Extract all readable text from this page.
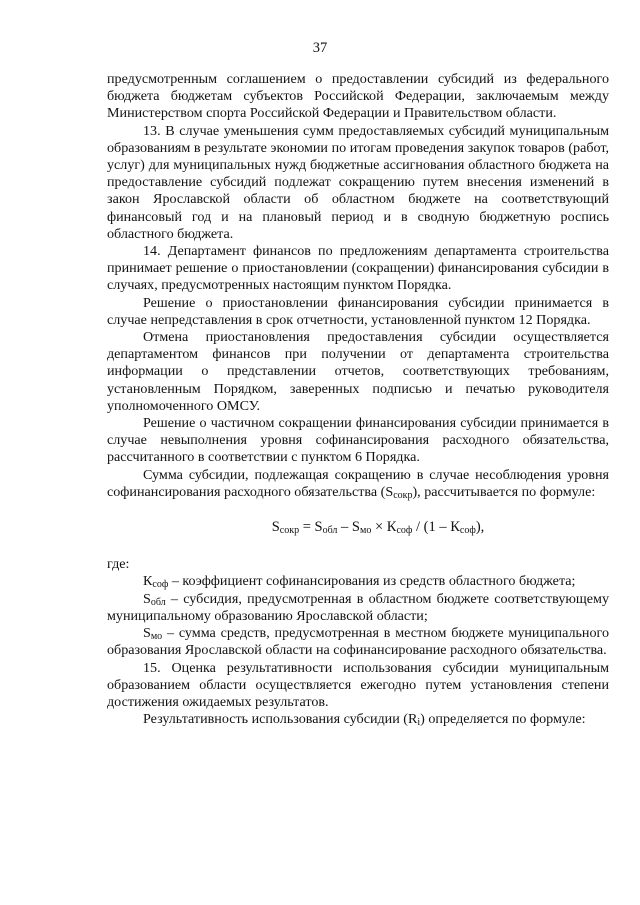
37

предусмотренным соглашением о предоставлении субсидий из федерального бюджета бюджетам субъектов Российской Федерации, заключаемым между Министерством спорта Российской Федерации и Правительством области.

13. В случае уменьшения сумм предоставляемых субсидий муниципальным образованиям в результате экономии по итогам проведения закупок товаров (работ, услуг) для муниципальных нужд бюджетные ассигнования областного бюджета на предоставление субсидий подлежат сокращению путем внесения изменений в закон Ярославской области об областном бюджете на соответствующий финансовый год и на плановый период и в сводную бюджетную роспись областного бюджета.

14. Департамент финансов по предложениям департамента строительства принимает решение о приостановлении (сокращении) финансирования субсидии в случаях, предусмотренных настоящим пунктом Порядка.

Решение о приостановлении финансирования субсидии принимается в случае непредставления в срок отчетности, установленной пунктом 12 Порядка.

Отмена приостановления предоставления субсидии осуществляется департаментом финансов при получении от департамента строительства информации о представлении отчетов, соответствующих требованиям, установленным Порядком, заверенных подписью и печатью руководителя уполномоченного ОМСУ.

Решение о частичном сокращении финансирования субсидии принимается в случае невыполнения уровня софинансирования расходного обязательства, рассчитанного в соответствии с пунктом 6 Порядка.

Сумма субсидии, подлежащая сокращению в случае несоблюдения уровня софинансирования расходного обязательства $(S_{сокр})$, рассчитывается по формуле:

$S_{сокр} = S_{обл} - S_{мо} \times К_{соф} / (1 - К_{соф})$,

где:

$К_{соф}$ – коэффициент софинансирования из средств областного бюджета;

$S_{обл}$ – субсидия, предусмотренная в областном бюджете соответствующему муниципальному образованию Ярославской области;

$S_{мо}$ – сумма средств, предусмотренная в местном бюджете муниципального образования Ярославской области на софинансирование расходного обязательства.

15. Оценка результативности использования субсидии муниципальным образованием области осуществляется ежегодно путем установления степени достижения ожидаемых результатов.

Результативность использования субсидии $(R_i)$ определяется по формуле:
